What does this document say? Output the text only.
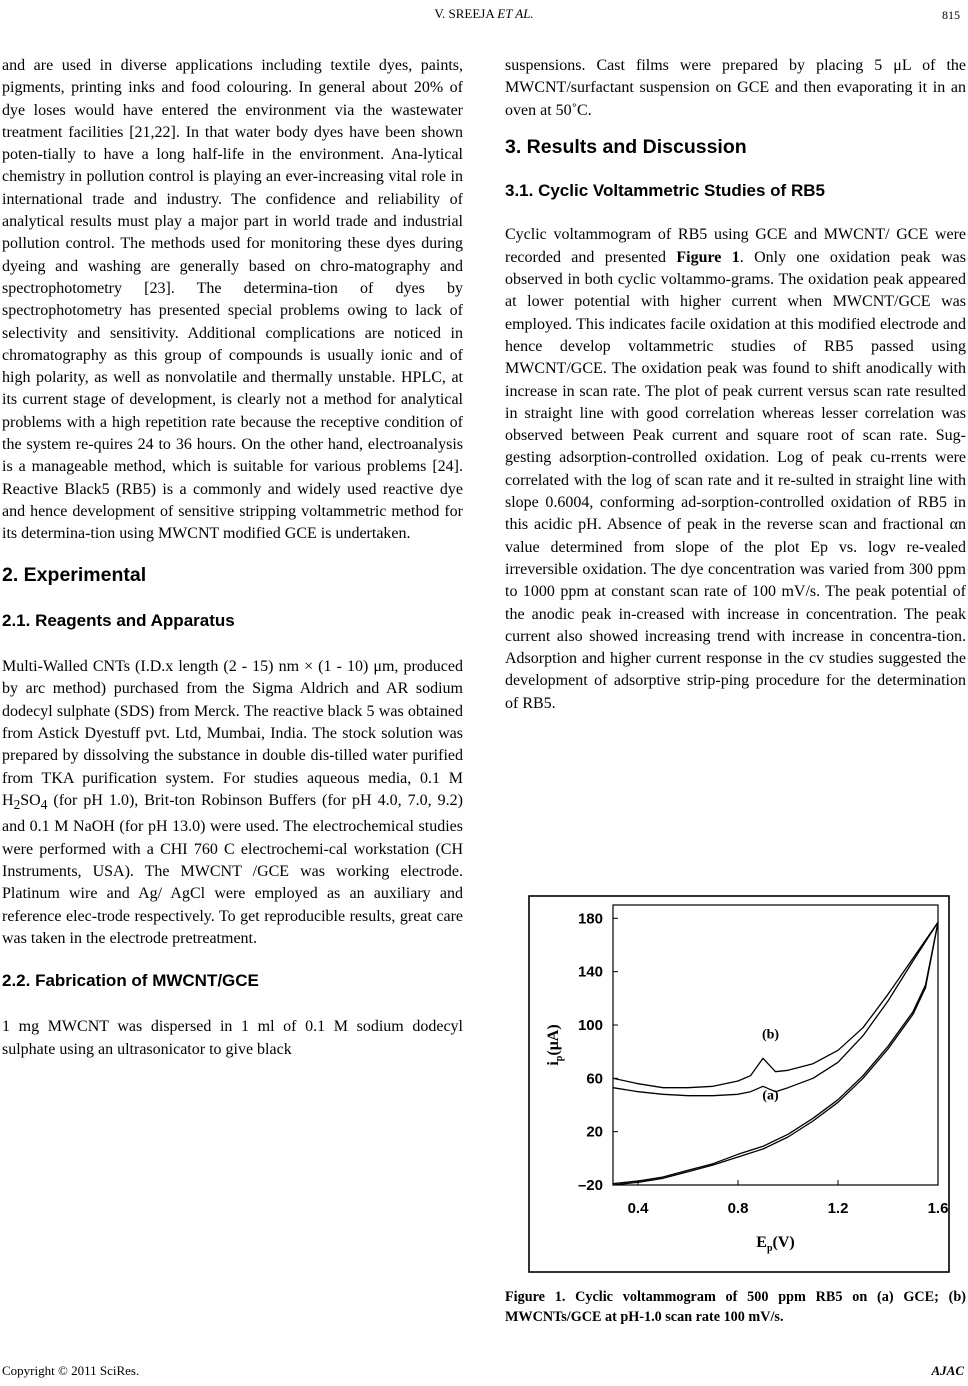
V. SREEJA ET AL.	815

and are used in diverse applications including textile dyes, paints, pigments, printing inks and food colouring. In general about 20% of dye loses would have entered the environment via the wastewater treatment facilities [21,22]. In that water body dyes have been shown poten-tially to have a long half-life in the environment. Ana-lytical chemistry in pollution control is playing an ever-increasing vital role in international trade and industry. The confidence and reliability of analytical results must play a major part in world trade and industrial pollution control. The methods used for monitoring these dyes during dyeing and washing are generally based on chro-matography and spectrophotometry [23]. The determina-tion of dyes by spectrophotometry has presented special problems owing to lack of selectivity and sensitivity. Additional complications are noticed in chromatography as this group of compounds is usually ionic and of high polarity, as well as nonvolatile and thermally unstable. HPLC, at its current stage of development, is clearly not a method for analytical problems with a high repetition rate because the receptive condition of the system re-quires 24 to 36 hours. On the other hand, electroanalysis is a manageable method, which is suitable for various problems [24]. Reactive Black5 (RB5) is a commonly and widely used reactive dye and hence development of sensitive stripping voltammetric method for its determina-tion using MWCNT modified GCE is undertaken.

2. Experimental
2.1. Reagents and Apparatus

Multi-Walled CNTs (I.D.x length (2 - 15) nm × (1 - 10) μm, produced by arc method) purchased from the Sigma Aldrich and AR sodium dodecyl sulphate (SDS) from Merck. The reactive black 5 was obtained from Astick Dyestuff pvt. Ltd, Mumbai, India. The stock solution was prepared by dissolving the substance in double dis-tilled water purified from TKA purification system. For studies aqueous media, 0.1 M $H_2SO_4$ (for pH 1.0), Brit-ton Robinson Buffers (for pH 4.0, 7.0, 9.2) and 0.1 M NaOH (for pH 13.0) were used. The electrochemical studies were performed with a CHI 760 C electrochemi-cal workstation (CH Instruments, USA). The MWCNT /GCE was working electrode. Platinum wire and Ag/ AgCl were employed as an auxiliary and reference elec-trode respectively. To get reproducible results, great care was taken in the electrode pretreatment.

2.2. Fabrication of MWCNT/GCE

1 mg MWCNT was dispersed in 1 ml of 0.1 M sodium dodecyl sulphate using an ultrasonicator to give black

suspensions. Cast films were prepared by placing 5 μL of the MWCNT/surfactant suspension on GCE and then evaporating it in an oven at 50˚C.

3. Results and Discussion
3.1. Cyclic Voltammetric Studies of RB5

Cyclic voltammogram of RB5 using GCE and MWCNT/ GCE were recorded and presented Figure 1. Only one oxidation peak was observed in both cyclic voltammo-grams. The oxidation peak appeared at lower potential with higher current when MWCNT/GCE was employed. This indicates facile oxidation at this modified electrode and hence develop voltammetric studies of RB5 passed using MWCNT/GCE. The oxidation peak was found to shift anodically with increase in scan rate. The plot of peak current versus scan rate resulted in straight line with good correlation whereas lesser correlation was observed between Peak current and square root of scan rate. Sug-gesting adsorption-controlled oxidation. Log of peak cu-rrents were correlated with the log of scan rate and it re-sulted in straight line with slope 0.6004, conforming ad-sorption-controlled oxidation of RB5 in this acidic pH. Absence of peak in the reverse scan and fractional αn value determined from slope of the plot Ep vs. logν re-vealed irreversible oxidation. The dye concentration was varied from 300 ppm to 1000 ppm at constant scan rate of 100 mV/s. The peak potential of the anodic peak in-creased with increase in concentration. The peak current also showed increasing trend with increase in concentra-tion. Adsorption and higher current response in the cv studies suggested the development of adsorptive strip-ping procedure for the determination of RB5.

0.4	0.8	1.2	1.6
180
140
100
60
20
–20
(b)
(a)
$E_p(V)$
$i_p(\mu A)$
Figure 1. Cyclic voltammogram of 500 ppm RB5 on (a) GCE; (b) MWCNTs/GCE at pH-1.0 scan rate 100 mV/s.
Copyright © 2011 SciRes.	AJAC
